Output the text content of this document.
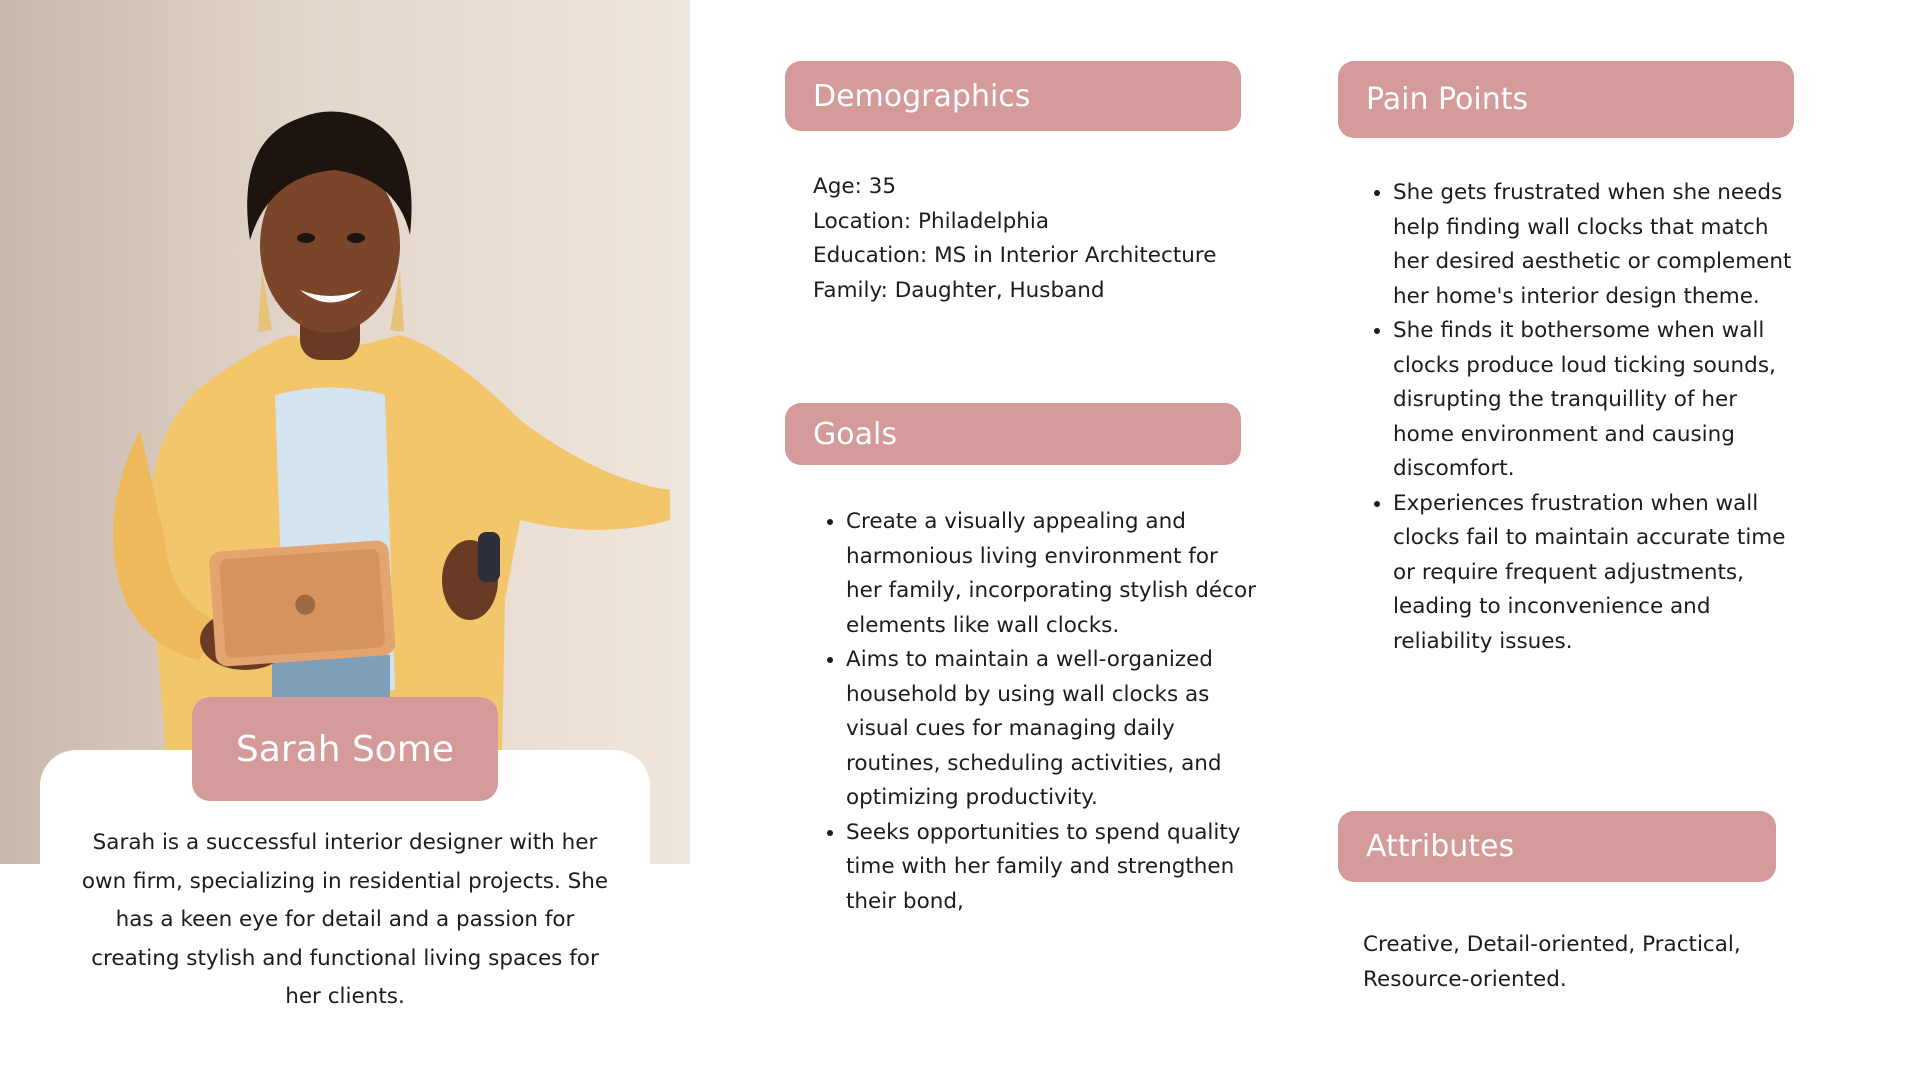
Sarah Some

Sarah is a successful interior designer with her own firm, specializing in residential projects. She has a keen eye for detail and a passion for creating stylish and functional living spaces for her clients.

Demographics
Age: 35
Location: Philadelphia
Education: MS in Interior Architecture
Family: Daughter, Husband
Goals
• Create a visually appealing and harmonious living environment for her family, incorporating stylish décor elements like wall clocks.
• Aims to maintain a well-organized household by using wall clocks as visual cues for managing daily routines, scheduling activities, and optimizing productivity.
• Seeks opportunities to spend quality time with her family and strengthen their bond,
Pain Points
• She gets frustrated when she needs help finding wall clocks that match her desired aesthetic or complement her home's interior design theme.
• She finds it bothersome when wall clocks produce loud ticking sounds, disrupting the tranquillity of her home environment and causing discomfort.
• Experiences frustration when wall clocks fail to maintain accurate time or require frequent adjustments, leading to inconvenience and reliability issues.
Attributes

Creative, Detail-oriented, Practical, Resource-oriented.
